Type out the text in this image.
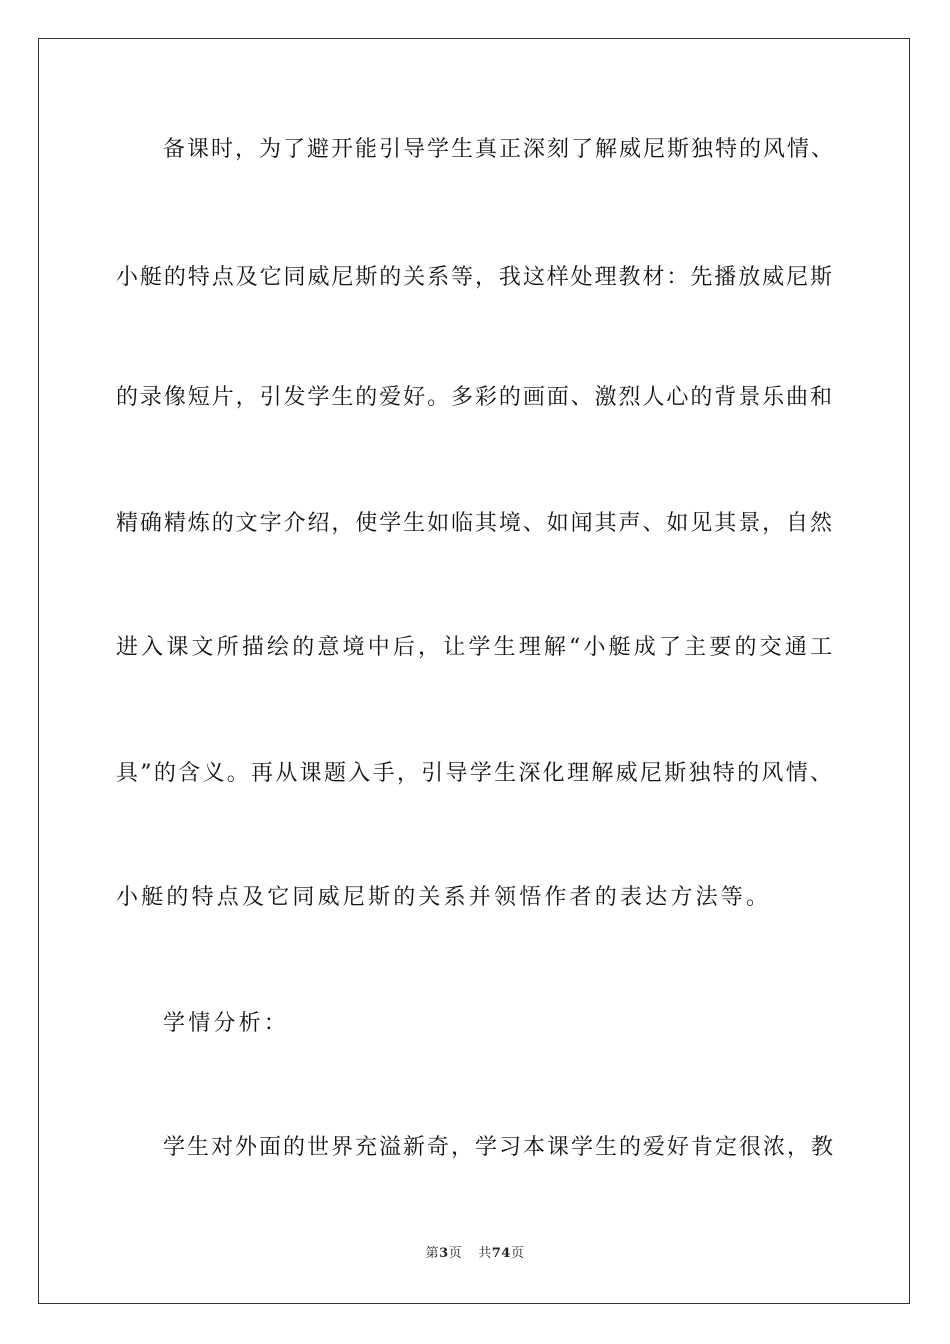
备课时，为了避开能引导学生真正深刻了解威尼斯独特的风情、
小艇的特点及它同威尼斯的关系等，我这样处理教材：先播放威尼斯
的录像短片，引发学生的爱好。多彩的画面、激烈人心的背景乐曲和
精确精炼的文字介绍，使学生如临其境、如闻其声、如见其景，自然
进入课文所描绘的意境中后，让学生理解“小艇成了主要的交通工
具”的含义。再从课题入手，引导学生深化理解威尼斯独特的风情、
小艇的特点及它同威尼斯的关系并领悟作者的表达方法等。
学情分析：
学生对外面的世界充溢新奇，学习本课学生的爱好肯定很浓，教
第3页 共74页
